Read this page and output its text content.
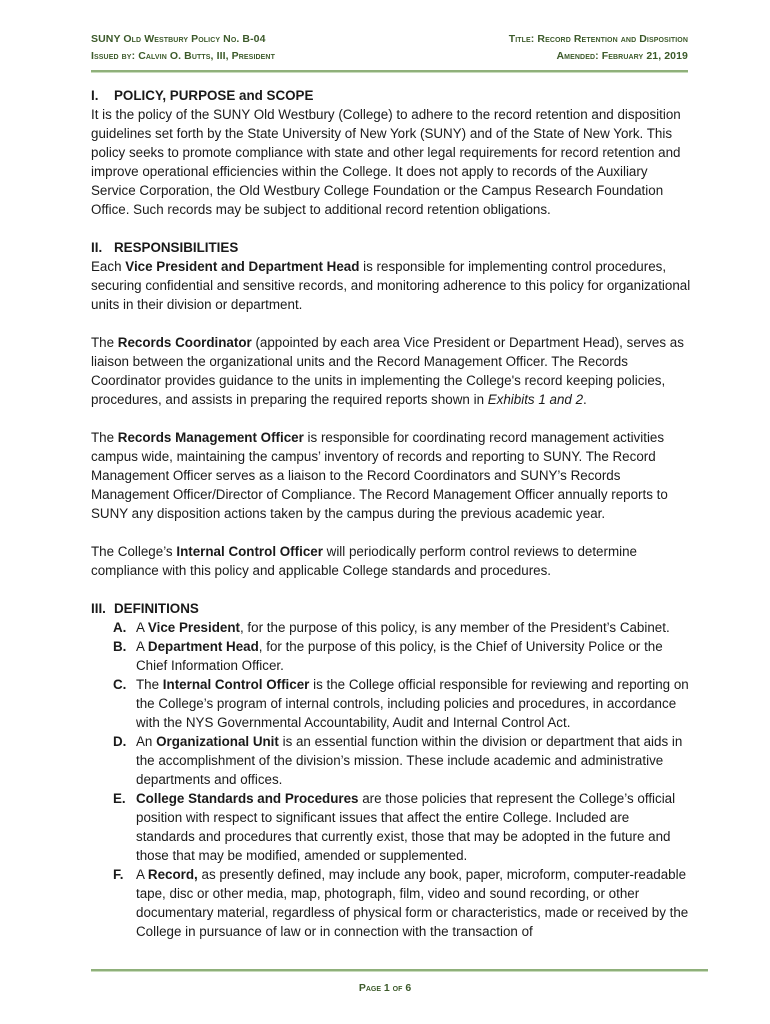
SUNY Old Westbury Policy No. B-04
Issued by: Calvin O. Butts, III, President
Title: Record Retention and Disposition
Amended: February 21, 2019
I. POLICY, PURPOSE and SCOPE

It is the policy of the SUNY Old Westbury (College) to adhere to the record retention and disposition guidelines set forth by the State University of New York (SUNY) and of the State of New York. This policy seeks to promote compliance with state and other legal requirements for record retention and improve operational efficiencies within the College. It does not apply to records of the Auxiliary Service Corporation, the Old Westbury College Foundation or the Campus Research Foundation Office. Such records may be subject to additional record retention obligations.

II. RESPONSIBILITIES

Each Vice President and Department Head is responsible for implementing control procedures, securing confidential and sensitive records, and monitoring adherence to this policy for organizational units in their division or department.

The Records Coordinator (appointed by each area Vice President or Department Head), serves as liaison between the organizational units and the Record Management Officer. The Records Coordinator provides guidance to the units in implementing the College's record keeping policies, procedures, and assists in preparing the required reports shown in Exhibits 1 and 2.

The Records Management Officer is responsible for coordinating record management activities campus wide, maintaining the campus’ inventory of records and reporting to SUNY. The Record Management Officer serves as a liaison to the Record Coordinators and SUNY’s Records Management Officer/Director of Compliance. The Record Management Officer annually reports to SUNY any disposition actions taken by the campus during the previous academic year.

The College’s Internal Control Officer will periodically perform control reviews to determine compliance with this policy and applicable College standards and procedures.

III. DEFINITIONS
A. A Vice President, for the purpose of this policy, is any member of the President’s Cabinet.
B. A Department Head, for the purpose of this policy, is the Chief of University Police or the Chief Information Officer.
C. The Internal Control Officer is the College official responsible for reviewing and reporting on the College’s program of internal controls, including policies and procedures, in accordance with the NYS Governmental Accountability, Audit and Internal Control Act.
D. An Organizational Unit is an essential function within the division or department that aids in the accomplishment of the division’s mission. These include academic and administrative departments and offices.
E. College Standards and Procedures are those policies that represent the College’s official position with respect to significant issues that affect the entire College. Included are standards and procedures that currently exist, those that may be adopted in the future and those that may be modified, amended or supplemented.
F. A Record, as presently defined, may include any book, paper, microform, computer-readable tape, disc or other media, map, photograph, film, video and sound recording, or other documentary material, regardless of physical form or characteristics, made or received by the College in pursuance of law or in connection with the transaction of
Page 1 of 6
